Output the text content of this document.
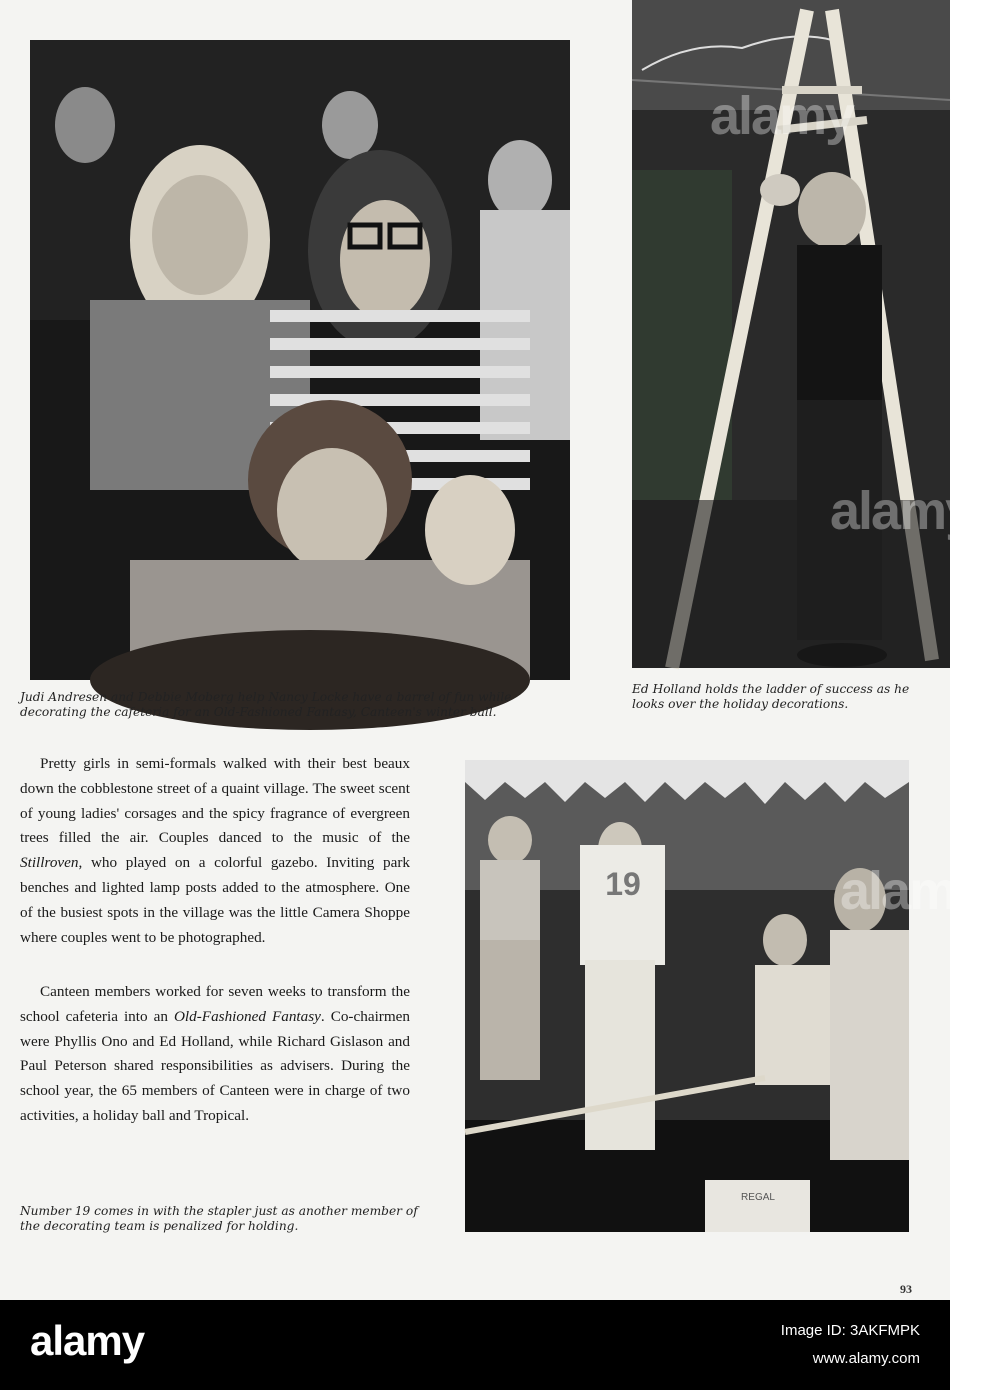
Judi Andresen and Debbie Moberg help Nancy Locke have a barrel of fun while decorating the cafeteria for an Old-Fashioned Fantasy, Canteen's winter ball.
Ed Holland holds the ladder of success as he looks over the holiday decorations.

Pretty girls in semi-formals walked with their best beaux down the cobblestone street of a quaint village. The sweet scent of young ladies' corsages and the spicy fragrance of evergreen trees filled the air. Couples danced to the music of the Stillroven, who played on a colorful gazebo. Inviting park benches and lighted lamp posts added to the atmosphere. One of the busiest spots in the village was the little Camera Shoppe where couples went to be photographed.

Canteen members worked for seven weeks to transform the school cafeteria into an Old-Fashioned Fantasy. Co-chairmen were Phyllis Ono and Ed Holland, while Richard Gislason and Paul Peterson shared responsibilities as advisers. During the school year, the 65 members of Canteen were in charge of two activities, a holiday ball and Tropical.

19
REGAL
Number 19 comes in with the stapler just as another member of the decorating team is penalized for holding.
93
alamy
alamy
alamy
alamy	Image ID: 3AKFMPK
www.alamy.com
